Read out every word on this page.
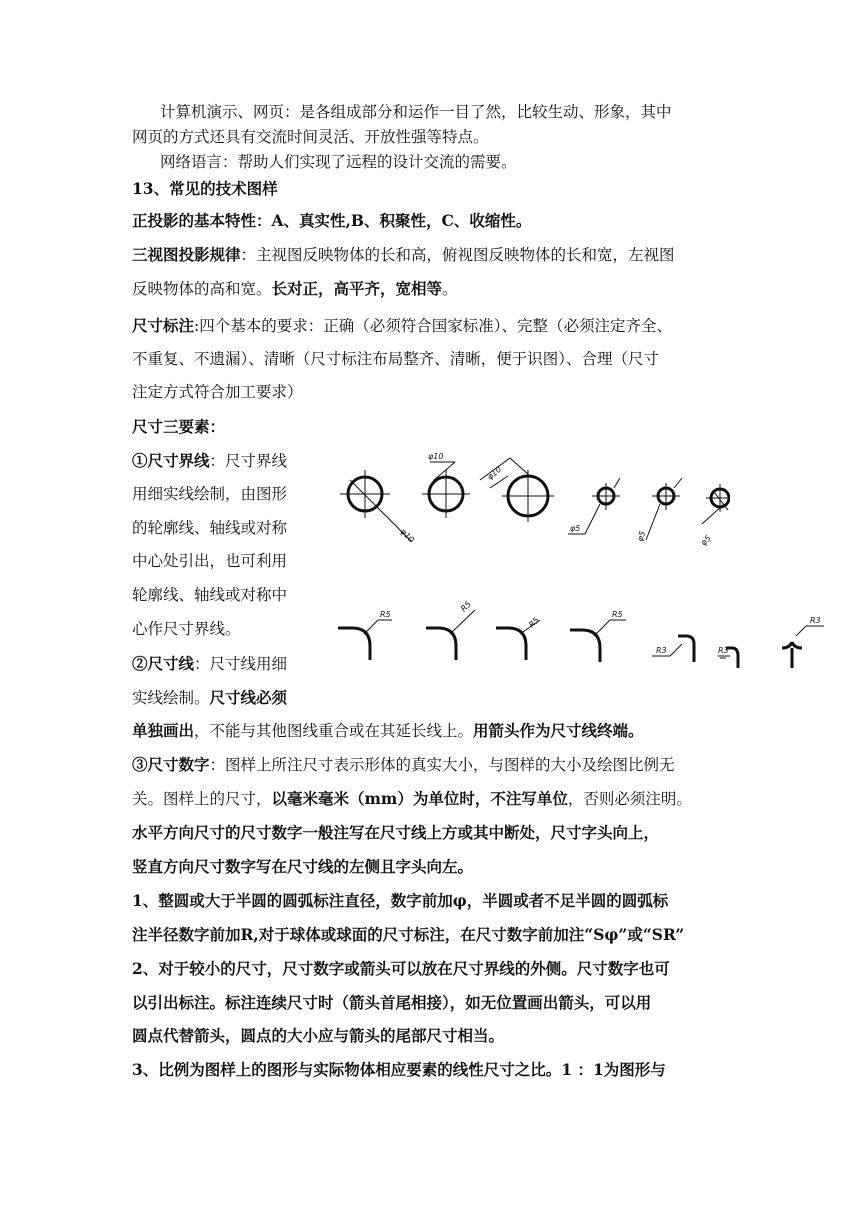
计算机演示、网页：是各组成部分和运作一目了然，比较生动、形象，其中
网页的方式还具有交流时间灵活、开放性强等特点。
网络语言：帮助人们实现了远程的设计交流的需要。
13、常见的技术图样
正投影的基本特性：A、真实性,B、积聚性，C、收缩性。
三视图投影规律：主视图反映物体的长和高，俯视图反映物体的长和宽，左视图
反映物体的高和宽。长对正，高平齐，宽相等。
尺寸标注:四个基本的要求：正确（必须符合国家标准）、完整（必须注定齐全、
不重复、不遗漏）、清晰（尺寸标注布局整齐、清晰，便于识图）、合理（尺寸
注定方式符合加工要求）
尺寸三要素：
①尺寸界线：尺寸界线
用细实线绘制，由图形
的轮廓线、轴线或对称
中心处引出，也可利用
轮廓线、轴线或对称中
心作尺寸界线。
②尺寸线：尺寸线用细
实线绘制。尺寸线必须
单独画出，不能与其他图线重合或在其延长线上。用箭头作为尺寸线终端。
③尺寸数字：图样上所注尺寸表示形体的真实大小，与图样的大小及绘图比例无
关。图样上的尺寸，以毫米毫米（mm）为单位时，不注写单位，否则必须注明。
水平方向尺寸的尺寸数字一般注写在尺寸线上方或其中断处，尺寸字头向上，
竖直方向尺寸数字写在尺寸线的左侧且字头向左。
1、整圆或大于半圆的圆弧标注直径，数字前加φ，半圆或者不足半圆的圆弧标
注半径数字前加R,对于球体或球面的尺寸标注，在尺寸数字前加注“Sφ”或“SR”
2、对于较小的尺寸，尺寸数字或箭头可以放在尺寸界线的外侧。尺寸数字也可
以引出标注。标注连续尺寸时（箭头首尾相接），如无位置画出箭头，可以用
圆点代替箭头，圆点的大小应与箭头的尾部尺寸相当。
3、比例为图样上的图形与实际物体相应要素的线性尺寸之比。1 ：1为图形与
φ10
φ10
φ10
φ5
φ5	φ5
R5
R5
R5
R5
R3	R3
R3
